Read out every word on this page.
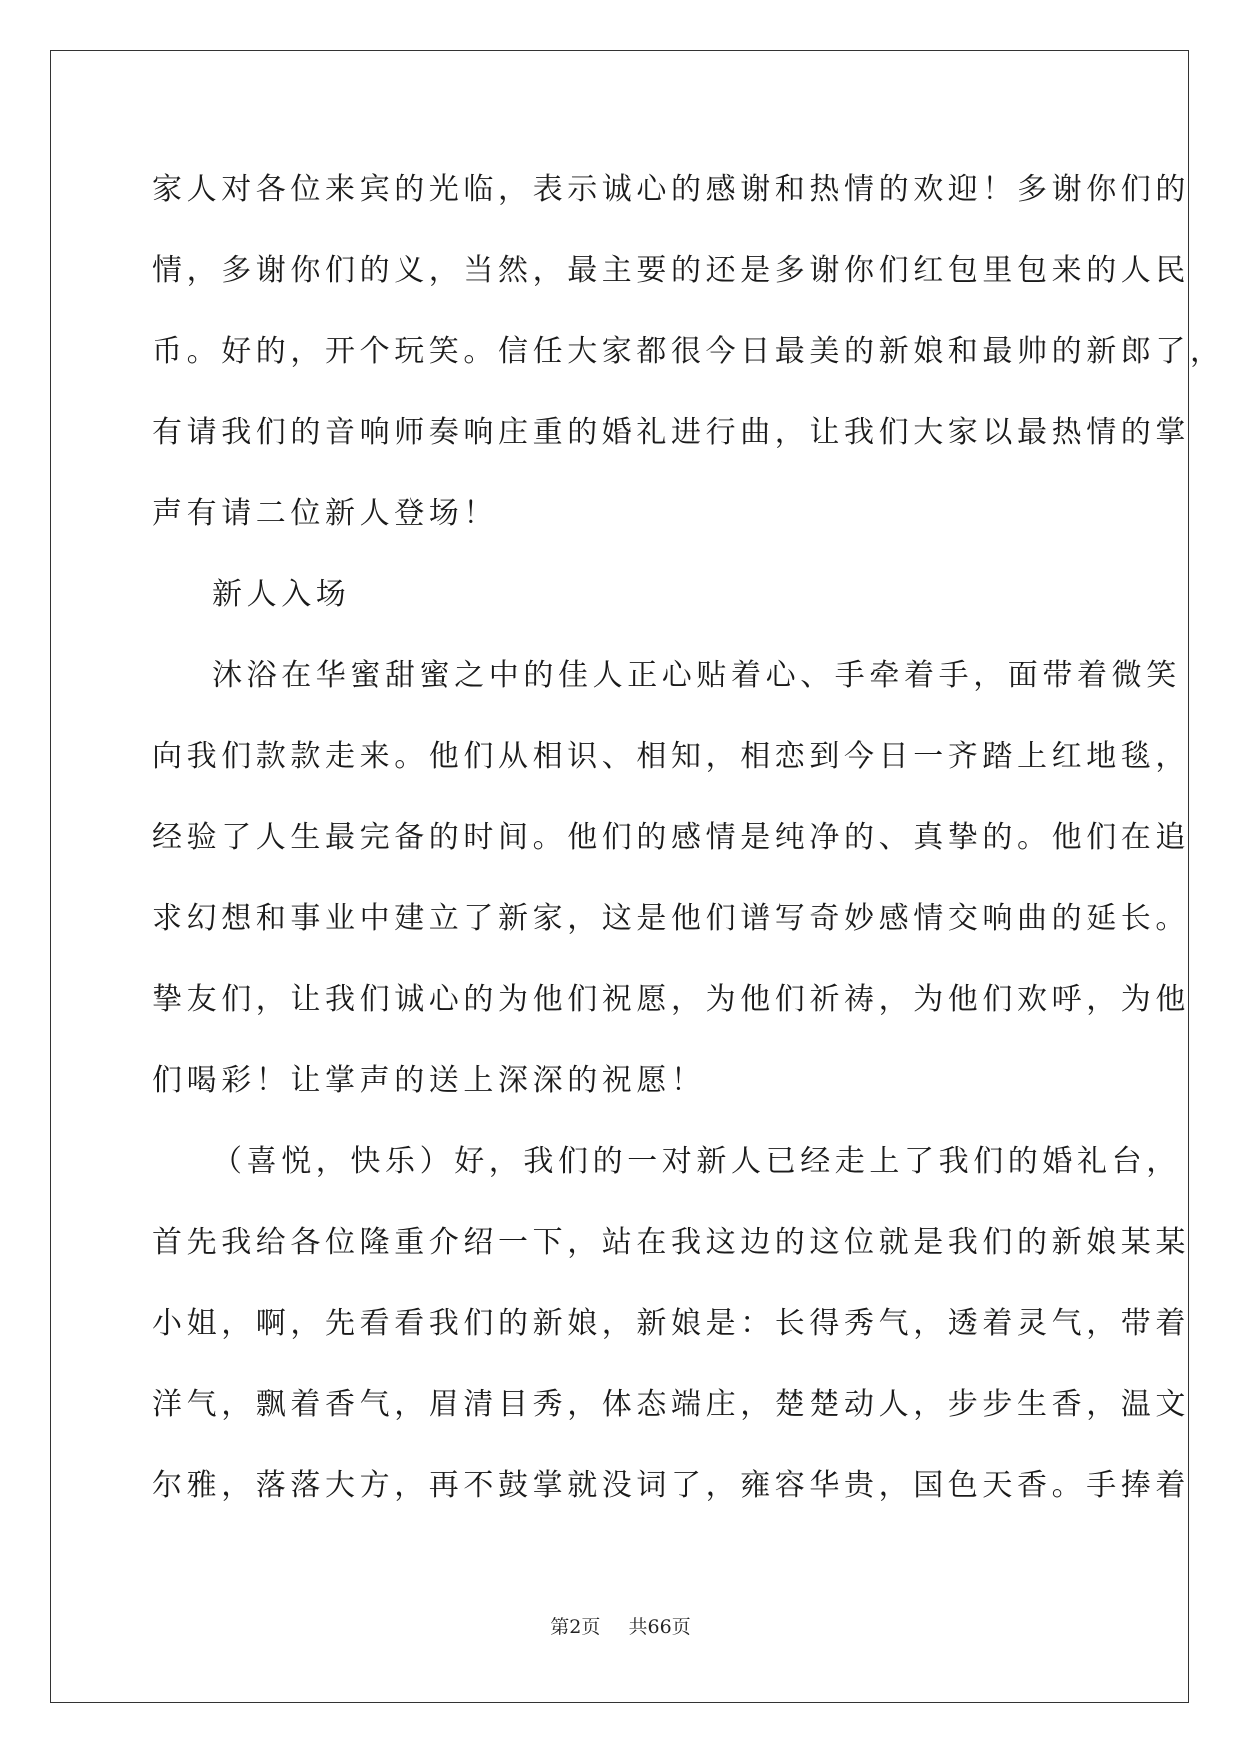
家人对各位来宾的光临，表示诚心的感谢和热情的欢迎！多谢你们的
情，多谢你们的义，当然，最主要的还是多谢你们红包里包来的人民
币。好的，开个玩笑。信任大家都很今日最美的新娘和最帅的新郎了，
有请我们的音响师奏响庄重的婚礼进行曲，让我们大家以最热情的掌
声有请二位新人登场！
新人入场
沐浴在华蜜甜蜜之中的佳人正心贴着心、手牵着手，面带着微笑
向我们款款走来。他们从相识、相知，相恋到今日一齐踏上红地毯，
经验了人生最完备的时间。他们的感情是纯净的、真挚的。他们在追
求幻想和事业中建立了新家，这是他们谱写奇妙感情交响曲的延长。
挚友们，让我们诚心的为他们祝愿，为他们祈祷，为他们欢呼，为他
们喝彩！让掌声的送上深深的祝愿！
（喜悦，快乐）好，我们的一对新人已经走上了我们的婚礼台，
首先我给各位隆重介绍一下，站在我这边的这位就是我们的新娘某某
小姐，啊，先看看我们的新娘，新娘是：长得秀气，透着灵气，带着
洋气，飘着香气，眉清目秀，体态端庄，楚楚动人，步步生香，温文
尔雅，落落大方，再不鼓掌就没词了，雍容华贵，国色天香。手捧着
第2页 共66页
